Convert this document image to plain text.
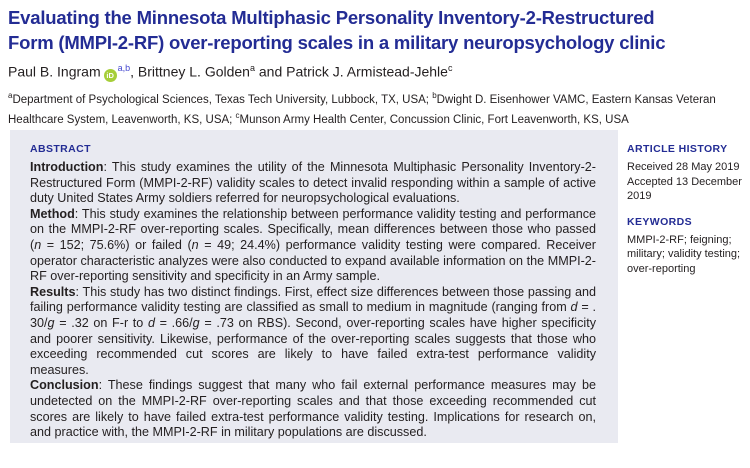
Evaluating the Minnesota Multiphasic Personality Inventory-2-Restructured
Form (MMPI-2-RF) over-reporting scales in a military neuropsychology clinic
Paul B. Ingram iD$^{a,b}$, Brittney L. Golden$^a$ and Patrick J. Armistead-Jehle$^c$
$^a$Department of Psychological Sciences, Texas Tech University, Lubbock, TX, USA; $^b$Dwight D. Eisenhower VAMC, Eastern Kansas Veteran Healthcare System, Leavenworth, KS, USA; $^c$Munson Army Health Center, Concussion Clinic, Fort Leavenworth, KS, USA
ABSTRACT

Introduction: This study examines the utility of the Minnesota Multiphasic Personality Inventory-2-Restructured Form (MMPI-2-RF) validity scales to detect invalid responding within a sample of active duty United States Army soldiers referred for neuropsychological evaluations.

Method: This study examines the relationship between performance validity testing and performance on the MMPI-2-RF over-reporting scales. Specifically, mean differences between those who passed (n = 152; 75.6%) or failed (n = 49; 24.4%) performance validity testing were compared. Receiver operator characteristic analyzes were also conducted to expand available information on the MMPI-2-RF over-reporting sensitivity and specificity in an Army sample.

Results: This study has two distinct findings. First, effect size differences between those passing and failing performance validity testing are classified as small to medium in magnitude (ranging from d = . 30/g = .32 on F-r to d = .66/g = .73 on RBS). Second, over-reporting scales have higher specificity and poorer sensitivity. Likewise, performance of the over-reporting scales suggests that those who exceeding recommended cut scores are likely to have failed extra-test performance validity measures.

Conclusion: These findings suggest that many who fail external performance measures may be undetected on the MMPI-2-RF over-reporting scales and that those exceeding recommended cut scores are likely to have failed extra-test performance validity testing. Implications for research on, and practice with, the MMPI-2-RF in military populations are discussed.

ARTICLE HISTORY
Received 28 May 2019
Accepted 13 December 2019
KEYWORDS
MMPI-2-RF; feigning;
military; validity testing;
over-reporting
